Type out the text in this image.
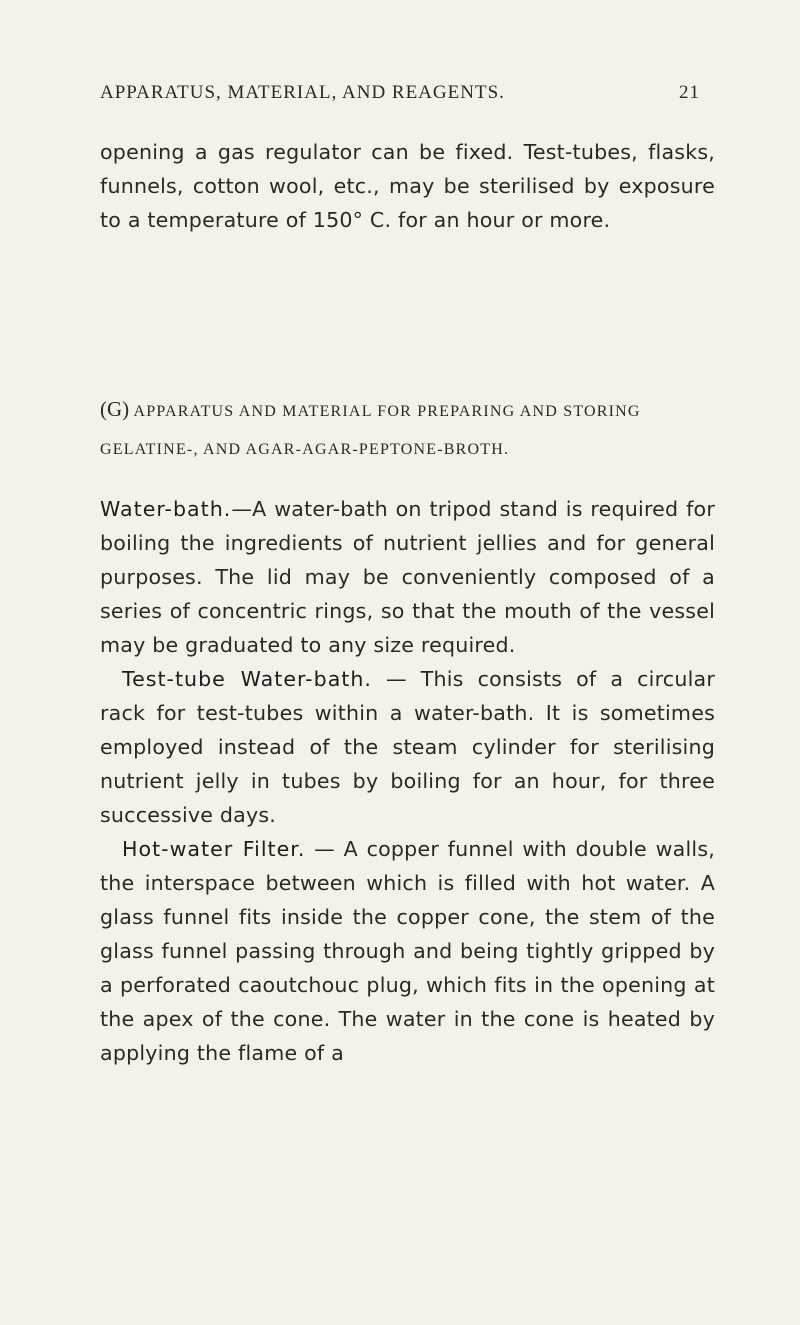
APPARATUS, MATERIAL, AND REAGENTS.	21

opening a gas regulator can be fixed. Test-tubes, flasks, funnels, cotton wool, etc., may be sterilised by exposure to a temperature of 150° C. for an hour or more.

(G) APPARATUS AND MATERIAL FOR PREPARING AND STORING GELATINE-, AND AGAR-AGAR-PEPTONE-BROTH.

Water-bath.—A water-bath on tripod stand is required for boiling the ingredients of nutrient jellies and for general purposes. The lid may be conveniently composed of a series of concentric rings, so that the mouth of the vessel may be graduated to any size required.

Test-tube Water-bath. — This consists of a circular rack for test-tubes within a water-bath. It is sometimes employed instead of the steam cylinder for sterilising nutrient jelly in tubes by boiling for an hour, for three successive days.

Hot-water Filter. — A copper funnel with double walls, the interspace between which is filled with hot water. A glass funnel fits inside the copper cone, the stem of the glass funnel passing through and being tightly gripped by a perforated caoutchouc plug, which fits in the opening at the apex of the cone. The water in the cone is heated by applying the flame of a
